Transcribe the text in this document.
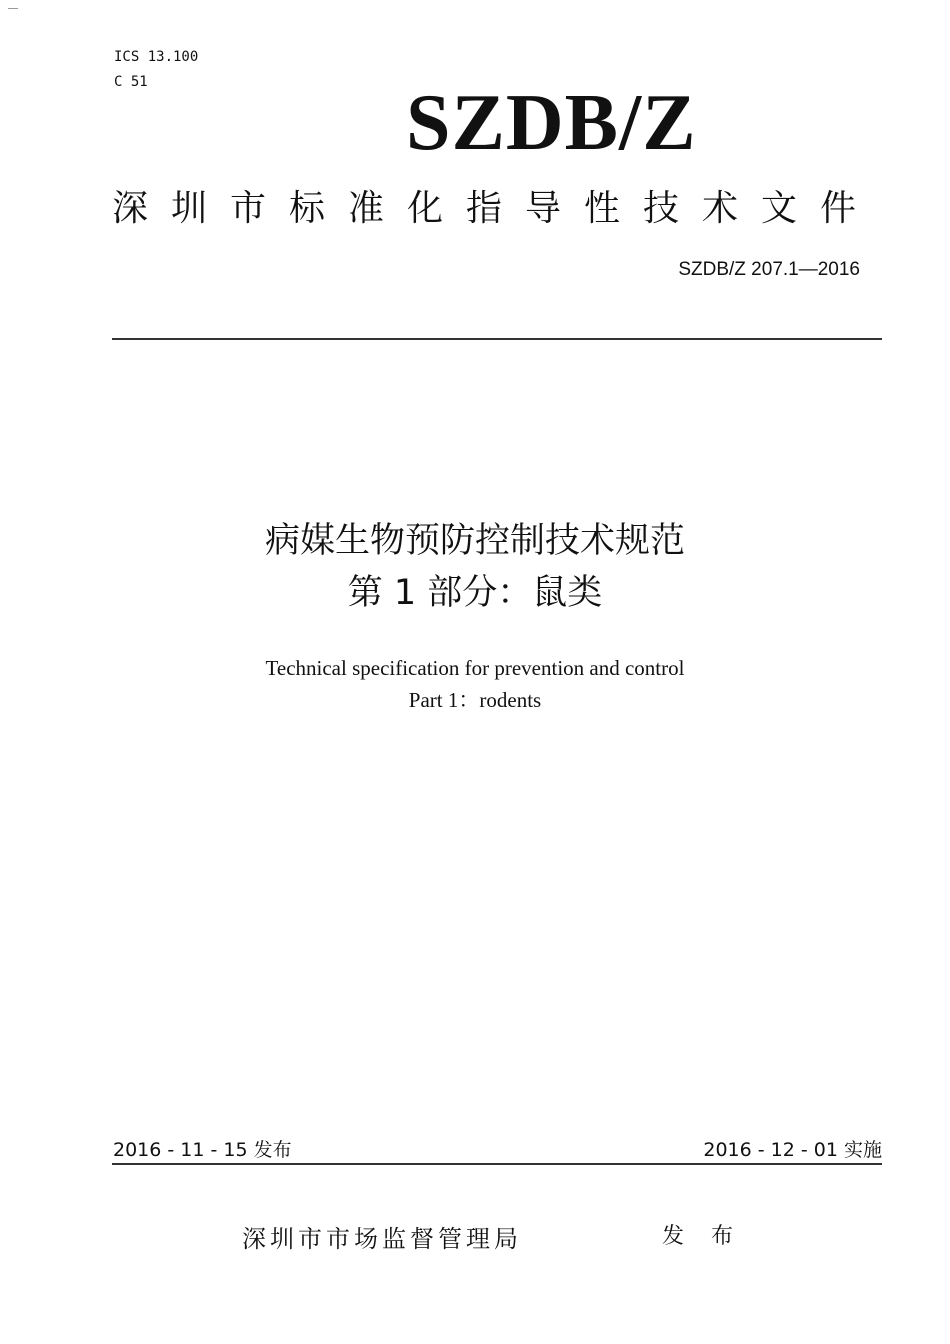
ICS 13.100
C 51	SZDB/Z
深圳市标准化指导性技术文件
SZDB/Z 207.1—2016
病媒生物预防控制技术规范
第 1 部分：鼠类
Technical specification for prevention and control
Part 1：rodents
2016 - 11 - 15 发布	2016 - 12 - 01 实施
深圳市市场监督管理局	发 布
